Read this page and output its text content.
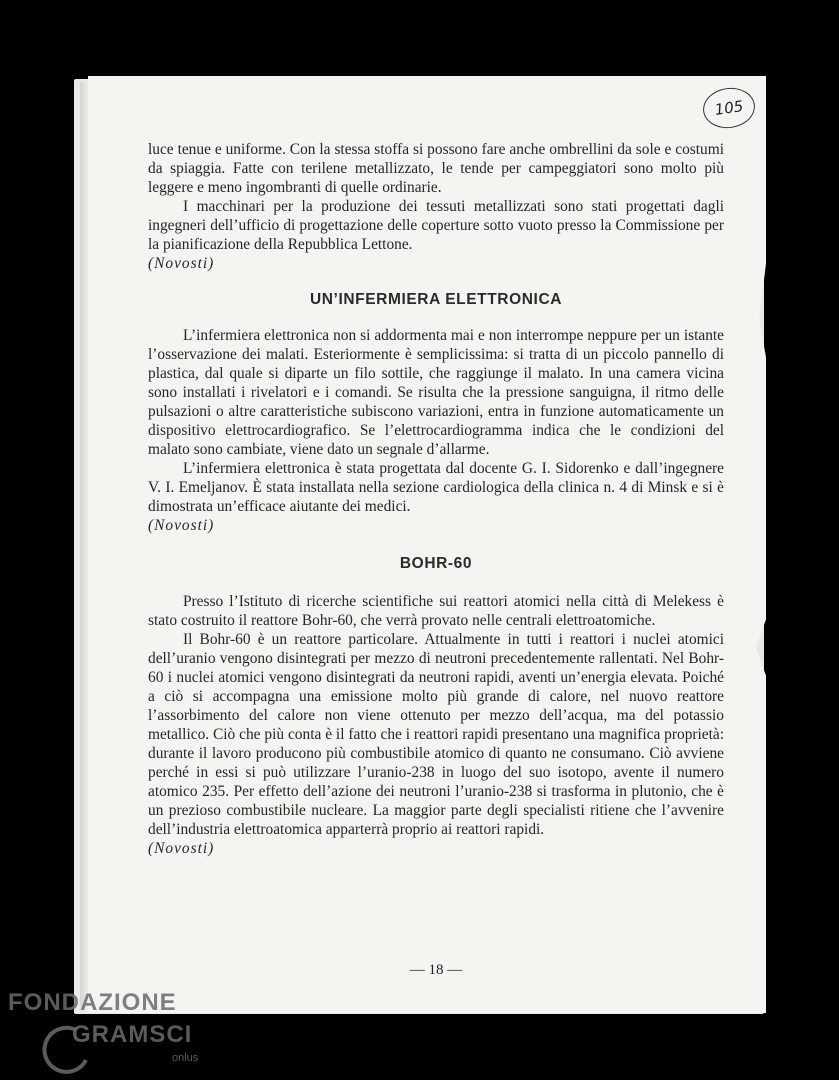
105

luce tenue e uniforme. Con la stessa stoffa si possono fare anche ombrellini da sole e costumi da spiaggia. Fatte con terilene metallizzato, le tende per campeggiatori sono molto più leggere e meno ingombranti di quelle ordinarie.

I macchinari per la produzione dei tessuti metallizzati sono stati progettati dagli ingegneri dell’ufficio di progettazione delle coperture sotto vuoto presso la Commissione per la pianificazione della Repubblica Lettone.

(Novosti)

UN’INFERMIERA ELETTRONICA

L’infermiera elettronica non si addormenta mai e non interrompe neppure per un istante l’osservazione dei malati. Esteriormente è semplicissima: si tratta di un piccolo pannello di plastica, dal quale si diparte un filo sottile, che raggiunge il malato. In una camera vicina sono installati i rivelatori e i comandi. Se risulta che la pressione sanguigna, il ritmo delle pulsazioni o altre caratteristiche subiscono variazioni, entra in funzione automaticamente un dispositivo elettrocardiografico. Se l’elettrocardiogramma indica che le condizioni del malato sono cambiate, viene dato un segnale d’allarme.

L’infermiera elettronica è stata progettata dal docente G. I. Sidorenko e dall’ingegnere V. I. Emeljanov. È stata installata nella sezione cardiologica della clinica n. 4 di Minsk e si è dimostrata un’efficace aiutante dei medici.

(Novosti)

BOHR-60

Presso l’Istituto di ricerche scientifiche sui reattori atomici nella città di Melekess è stato costruito il reattore Bohr-60, che verrà provato nelle centrali elettroatomiche.

Il Bohr-60 è un reattore particolare. Attualmente in tutti i reattori i nuclei atomici dell’uranio vengono disintegrati per mezzo di neutroni precedentemente rallentati. Nel Bohr-60 i nuclei atomici vengono disintegrati da neutroni rapidi, aventi un’energia elevata. Poiché a ciò si accompagna una emissione molto più grande di calore, nel nuovo reattore l’assorbimento del calore non viene ottenuto per mezzo dell’acqua, ma del potassio metallico. Ciò che più conta è il fatto che i reattori rapidi presentano una magnifica proprietà: durante il lavoro producono più combustibile atomico di quanto ne consumano. Ciò avviene perché in essi si può utilizzare l’uranio-238 in luogo del suo isotopo, avente il numero atomico 235. Per effetto dell’azione dei neutroni l’uranio-238 si trasforma in plutonio, che è un prezioso combustibile nucleare. La maggior parte degli specialisti ritiene che l’avvenire dell’industria elettroatomica apparterrà proprio ai reattori rapidi.

(Novosti)

— 18 —
FONDAZIONE
GRAMSCI
onlus
